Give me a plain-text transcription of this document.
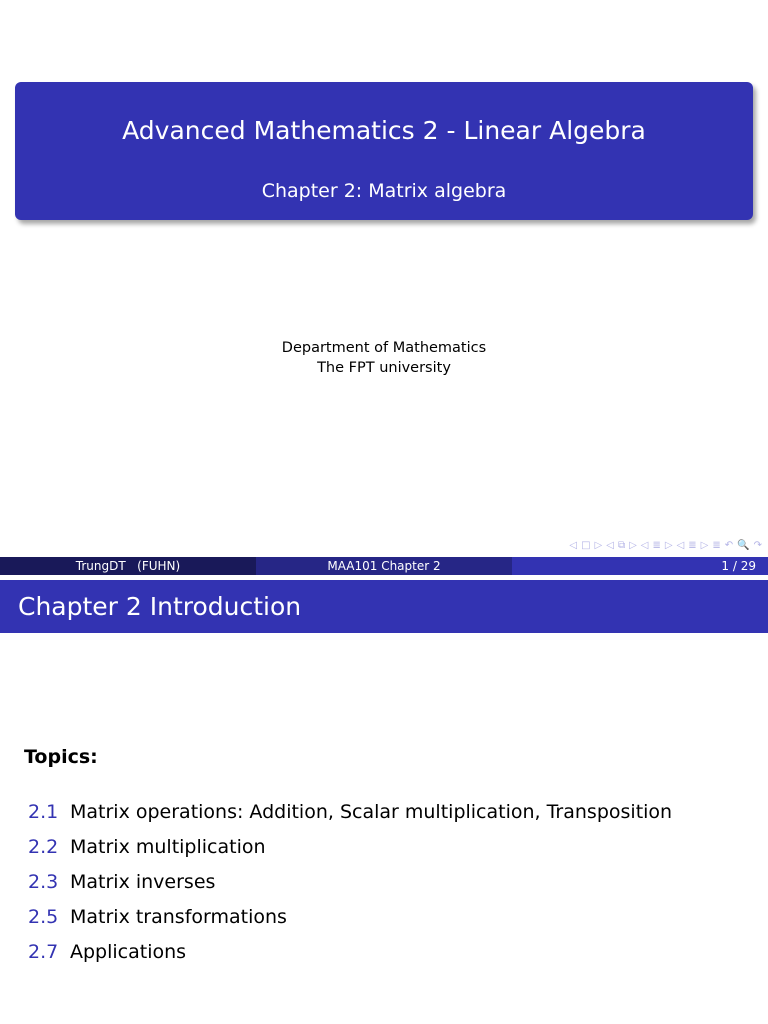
Advanced Mathematics 2 - Linear Algebra
Chapter 2: Matrix algebra
Department of Mathematics
The FPT university
◁ □ ▷ ◁ ⧉ ▷ ◁ ≣ ▷ ◁ ≣ ▷ ≣ ↶ 🔍 ↷
TrungDT   (FUHN)	MAA101 Chapter 2	1 / 29
Chapter 2 Introduction
Topics:
2.1 Matrix operations: Addition, Scalar multiplication, Transposition
2.2 Matrix multiplication
2.3 Matrix inverses
2.5 Matrix transformations
2.7 Applications
